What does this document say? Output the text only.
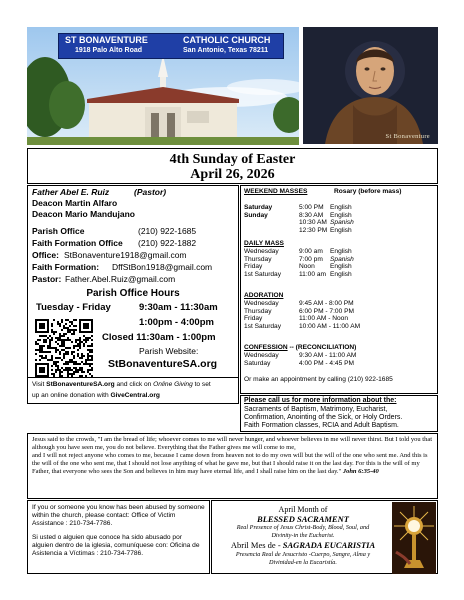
ST BONAVENTURE	CATHOLIC CHURCH
1918 Palo Alto Road	San Antonio, Texas 78211
St Bonaventure
4th Sunday of Easter
April 26, 2026
Father Abel E. Ruiz	(Pastor)
Deacon Martin Alfaro
Deacon Mario Mandujano
Parish Office	(210) 922-1685
Faith Formation Office (210) 922-1882
Office: StBonaventure1918@gmail.com
Faith Formation: DffStBon1918@gmail.com
Pastor: Father.Abel.Ruiz@gmail.com
Parish Office Hours
Tuesday - Friday	9:30am - 11:30am
1:00pm - 4:00pm
Closed 11:30am - 1:00pm
Parish Website:
StBonaventureSA.org
Visit StBonaventureSA.org and click on Online Giving to set
up an online donation with GiveCentral.org
WEEKEND MASSES	Rosary (before mass)
Saturday	5:00 PM English
Sunday	8:30 AM English
10:30 AM Spanish
12:30 PM English
DAILY MASS
Wednesday	9:00 am English
Thursday	7:00 pm Spanish
Friday	Noon English
1st Saturday	11:00 am English
ADORATION
Wednesday	9:45 AM - 8:00 PM
Thursday	6:00 PM - 7:00 PM
Friday	11:00 AM - Noon
1st Saturday	10:00 AM - 11:00 AM
CONFESSION -- (RECONCILIATION)
Wednesday	9:30 AM - 11:00 AM
Saturday	4:00 PM - 4:45 PM
Or make an appointment by calling (210) 922-1685
Please call us for more information about the:
Sacraments of Baptism, Matrimony, Eucharist,
Confirmation, Anointing of the Sick, or Holy Orders.
Faith Formation classes, RCIA and Adult Baptism.
Jesus said to the crowds, "I am the bread of life; whoever comes to me will never hunger, and whoever believes in me will never thirst. But I told you that although you have seen me, you do not believe. Everything that the Father gives me will come to me,
and I will not reject anyone who comes to me, because I came down from heaven not to do my own will but the will of the one who sent me. And this is the will of the one who sent me, that I should not lose anything of what he gave me, but that I should raise it on the last day. For this is the will of my Father, that everyone who sees the Son and believes in him may have eternal life, and I shall raise him on the last day." John 6:35-40
If you or someone you know has been abused by someone within the church, please contact: Office of Victim Assistance : 210-734-7786.
Si usted o alguien que conoce ha sido abusado por alguien dentro de la iglesia, comuníquese con: Oficina de Asistencia a Víctimas : 210-734-7786.
April Month of
BLESSED SACRAMENT
Real Presence of Jesus Christ-Body, Blood, Soul, and
Divinity-in the Eucharist.
Abril Mes de - SAGRADA EUCARISTIA
Presencia Real de Jesucristo -Cuerpo, Sangre, Alma y
Divinidad-en la Eucaristía.
